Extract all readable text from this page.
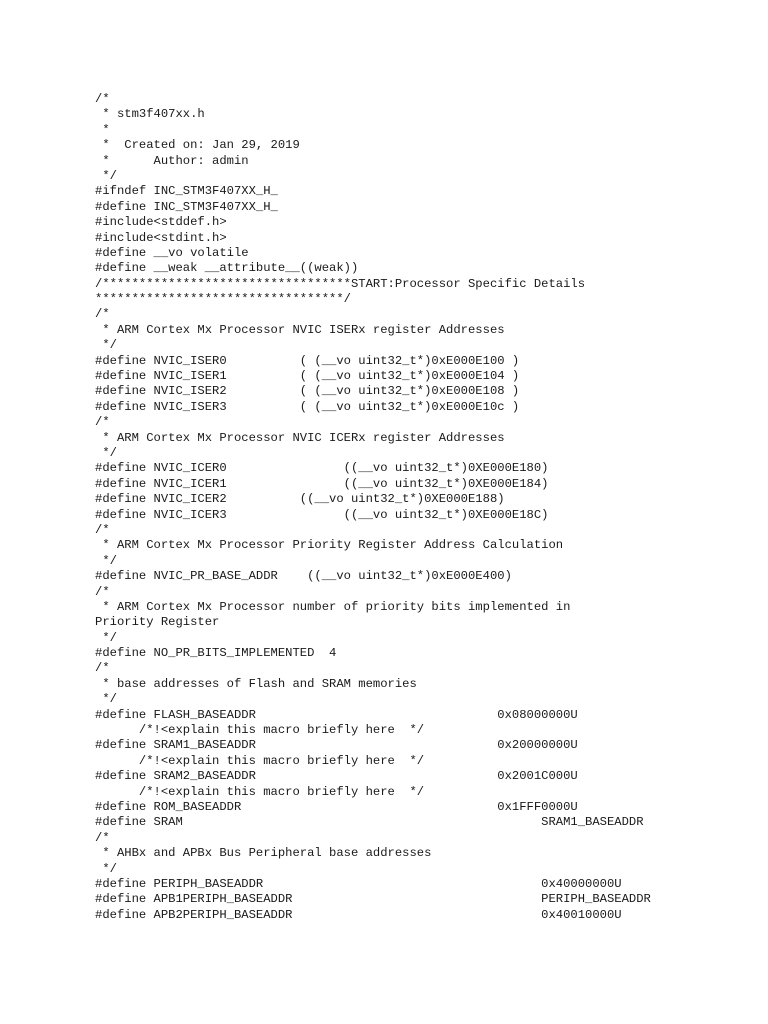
/*
* stm3f407xx.h
*
*  Created on: Jan 29, 2019
*      Author: admin
*/
#ifndef INC_STM3F407XX_H_
#define INC_STM3F407XX_H_
#include<stddef.h>
#include<stdint.h>
#define __vo volatile
#define __weak __attribute__((weak))
/**********************************START:Processor Specific Details
**********************************/
/*
* ARM Cortex Mx Processor NVIC ISERx register Addresses
*/
#define NVIC_ISER0          ( (__vo uint32_t*)0xE000E100 )
#define NVIC_ISER1          ( (__vo uint32_t*)0xE000E104 )
#define NVIC_ISER2          ( (__vo uint32_t*)0xE000E108 )
#define NVIC_ISER3          ( (__vo uint32_t*)0xE000E10c )
/*
* ARM Cortex Mx Processor NVIC ICERx register Addresses
*/
#define NVIC_ICER0                ((__vo uint32_t*)0XE000E180)
#define NVIC_ICER1                ((__vo uint32_t*)0XE000E184)
#define NVIC_ICER2          ((__vo uint32_t*)0XE000E188)
#define NVIC_ICER3                ((__vo uint32_t*)0XE000E18C)
/*
* ARM Cortex Mx Processor Priority Register Address Calculation
*/
#define NVIC_PR_BASE_ADDR    ((__vo uint32_t*)0xE000E400)
/*
* ARM Cortex Mx Processor number of priority bits implemented in
Priority Register
*/
#define NO_PR_BITS_IMPLEMENTED  4
/*
* base addresses of Flash and SRAM memories
*/
#define FLASH_BASEADDR                                 0x08000000U
/*!<explain this macro briefly here  */
#define SRAM1_BASEADDR                                 0x20000000U
/*!<explain this macro briefly here  */
#define SRAM2_BASEADDR                                 0x2001C000U
/*!<explain this macro briefly here  */
#define ROM_BASEADDR                                   0x1FFF0000U
#define SRAM                                                 SRAM1_BASEADDR
/*
* AHBx and APBx Bus Peripheral base addresses
*/
#define PERIPH_BASEADDR                                      0x40000000U
#define APB1PERIPH_BASEADDR                                  PERIPH_BASEADDR
#define APB2PERIPH_BASEADDR                                  0x40010000U
